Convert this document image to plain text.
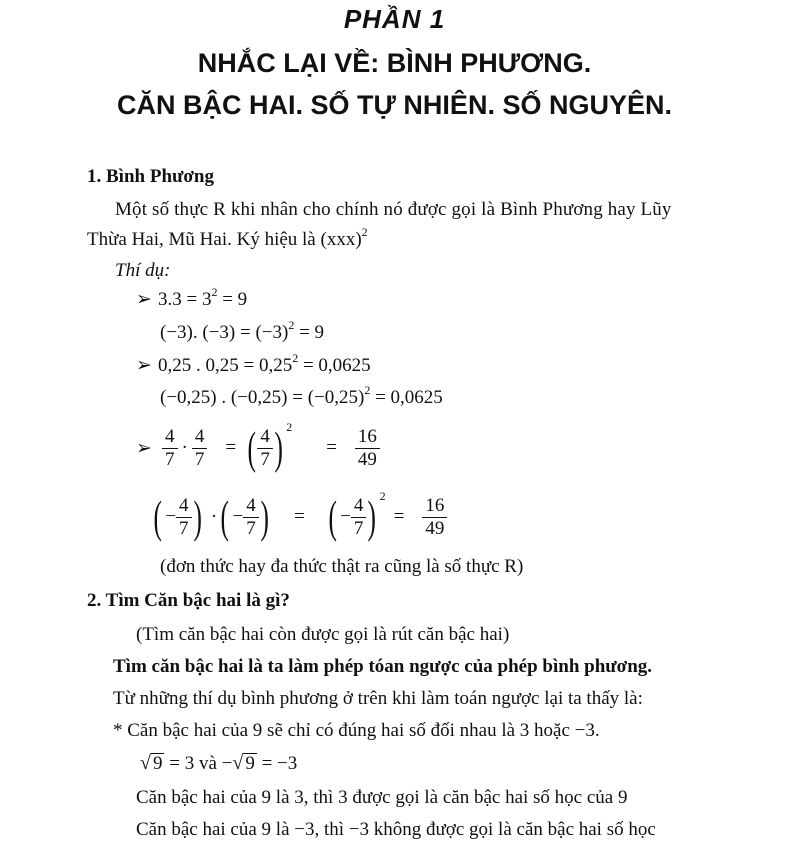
PHẦN 1
NHẮC LẠI VỀ: BÌNH PHƯƠNG.
CĂN BẬC HAI. SỐ TỰ NHIÊN. SỐ NGUYÊN.
1. Bình Phương
Một số thực R khi nhân cho chính nó được gọi là Bình Phương hay Lũy
Thừa Hai, Mũ Hai. Ký hiệu là (xxx)$^2$
Thí dụ:
➢ $3.3 = 3^2 = 9$
(−3). $(-3) = (-3)^2 = 9$
➢ 0,25 . $0,25 = 0,25^2 = 0,0625$
(−0,25) . $(-0,25) = (-0,25)^2 = 0,0625$
➢ $\frac{4}{7} \cdot \frac{4}{7}$ = ( $\frac{4}{7}$ ) 2
= $\frac{16}{49}$
( − $\frac{4}{7}$ ) · ( − $\frac{4}{7}$ ) = ( − $\frac{4}{7}$ ) 2
= $\frac{16}{49}$
(đơn thức hay đa thức thật ra cũng là số thực R)
2. Tìm Căn bậc hai là gì?
(Tìm căn bậc hai còn được gọi là rút căn bậc hai)
Tìm căn bậc hai là ta làm phép tóan ngược của phép bình phương.
Từ những thí dụ bình phương ở trên khi làm toán ngược lại ta thấy là:
* Căn bậc hai của 9 sẽ chỉ có đúng hai số đối nhau là 3 hoặc −3.
√ 9 = 3 và −√ 9 = −3
Căn bậc hai của 9 là 3, thì 3 được gọi là căn bậc hai số học của 9
Căn bậc hai của 9 là −3, thì −3 không được gọi là căn bậc hai số học
